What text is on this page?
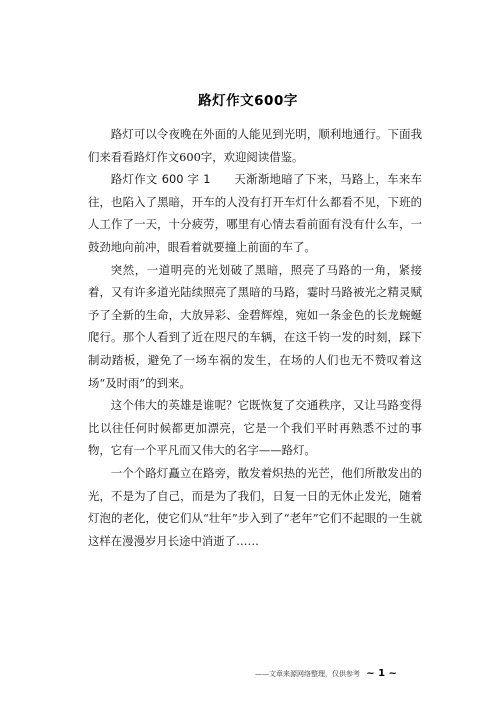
路灯作文600字

路灯可以令夜晚在外面的人能见到光明，顺利地通行。下面我们来看看路灯作文600字，欢迎阅读借鉴。

路灯作文 600 字 1　　 天渐渐地暗了下来，马路上，车来车往，也陷入了黑暗，开车的人没有打开车灯什么都看不见，下班的人工作了一天，十分疲劳，哪里有心情去看前面有没有什么车，一鼓劲地向前冲，眼看着就要撞上前面的车了。

突然，一道明亮的光划破了黑暗，照亮了马路的一角，紧接着，又有许多道光陆续照亮了黑暗的马路，霎时马路被光之精灵赋予了全新的生命，大放异彩、金碧辉煌，宛如一条金色的长龙蜿蜒爬行。那个人看到了近在咫尺的车辆，在这千钧一发的时刻，踩下制动踏板，避免了一场车祸的发生，在场的人们也无不赞叹着这场“及时雨”的到来。

这个伟大的英雄是谁呢？它既恢复了交通秩序，又让马路变得比以往任何时候都更加漂亮，它是一个我们平时再熟悉不过的事物，它有一个平凡而又伟大的名字——路灯。

一个个路灯矗立在路旁，散发着炽热的光芒，他们所散发出的光，不是为了自己，而是为了我们，日复一日的无休止发光，随着灯泡的老化，使它们从“壮年”步入到了“老年”它们不起眼的一生就这样在漫漫岁月长途中消逝了……

——文章来源网络整理，仅供参考 ~ 1 ~
